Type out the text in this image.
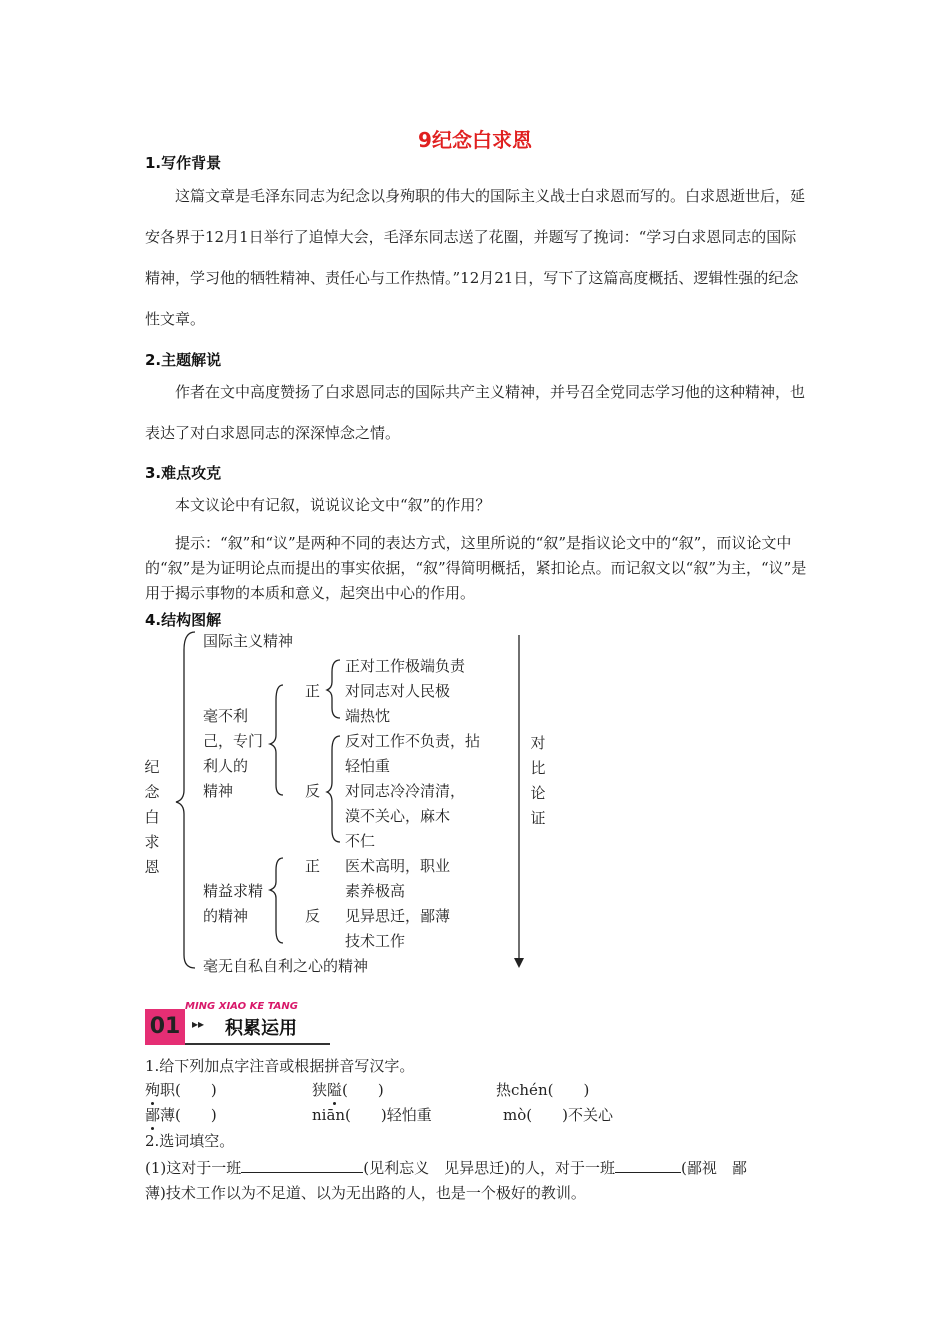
9纪念白求恩
1.写作背景

这篇文章是毛泽东同志为纪念以身殉职的伟大的国际主义战士白求恩而写的。白求恩逝世后，延安各界于12月1日举行了追悼大会，毛泽东同志送了花圈，并题写了挽词：“学习白求恩同志的国际精神，学习他的牺牲精神、责任心与工作热情。”12月21日，写下了这篇高度概括、逻辑性强的纪念性文章。

2.主题解说

作者在文中高度赞扬了白求恩同志的国际共产主义精神，并号召全党同志学习他的这种精神，也表达了对白求恩同志的深深悼念之情。

3.难点攻克

本文议论中有记叙，说说议论文中“叙”的作用？

提示：“叙”和“议”是两种不同的表达方式，这里所说的“叙”是指议论文中的“叙”，而议论文中的“叙”是为证明论点而提出的事实依据，“叙”得简明概括，紧扣论点。而记叙文以“叙”为主，“议”是用于揭示事物的本质和意义，起突出中心的作用。

4.结构图解
纪
念
白
求
恩
国际主义精神
毫不利
己，专门
利人的
精神
正
正对工作极端负责
对同志对人民极
端热忱
反
反对工作不负责，拈
轻怕重
对同志冷冷清清，
漠不关心，麻木
不仁
精益求精
的精神
正 医术高明，职业
素养极高
反 见异思迁，鄙薄
技术工作
毫无自私自利之心的精神
对
比
论
证
MING XIAO KE TANG
01 ▸▸ 积累运用
1.给下列加点字注音或根据拼音写汉字。
殉职(　　)	狭隘(　　)	热chén(　　)
鄙薄(　　)	niān(　　)轻怕重	mò(　　)不关心
2.选词填空。
(1)这对于一班	(见利忘义　见异思迁)的人，对于一班	(鄙视　鄙
薄)技术工作以为不足道、以为无出路的人，也是一个极好的教训。
